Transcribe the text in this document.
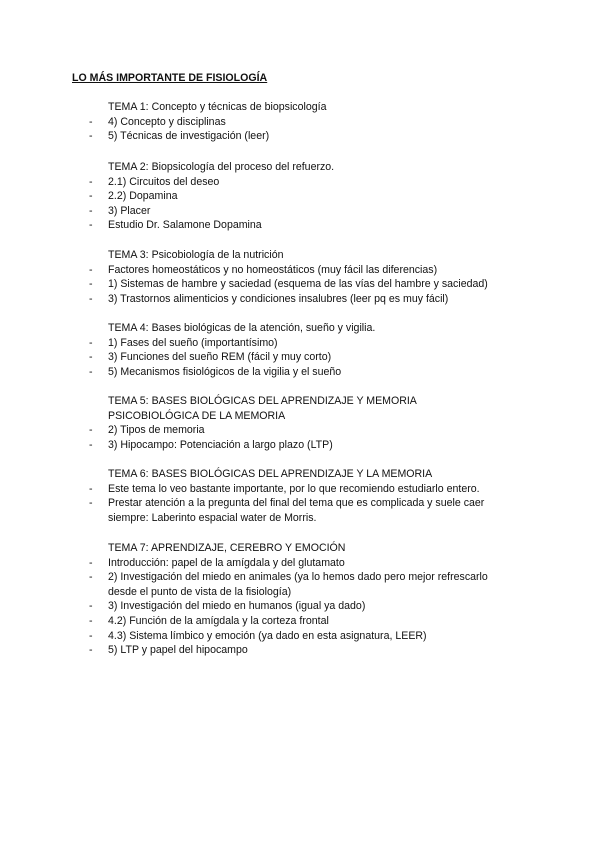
LO MÁS IMPORTANTE DE FISIOLOGÍA
TEMA 1: Concepto y técnicas de biopsicología
- 4) Concepto y disciplinas
- 5) Técnicas de investigación (leer)
TEMA 2: Biopsicología del proceso del refuerzo.
- 2.1) Circuitos del deseo
- 2.2) Dopamina
- 3) Placer
- Estudio Dr. Salamone Dopamina
TEMA 3: Psicobiología de la nutrición
- Factores homeostáticos y no homeostáticos (muy fácil las diferencias)
- 1) Sistemas de hambre y saciedad (esquema de las vías del hambre y saciedad)
- 3) Trastornos alimenticios y condiciones insalubres (leer pq es muy fácil)
TEMA 4: Bases biológicas de la atención, sueño y vigilia.
- 1) Fases del sueño (importantísimo)
- 3) Funciones del sueño REM (fácil y muy corto)
- 5) Mecanismos fisiológicos de la vigilia y el sueño
TEMA 5: BASES BIOLÓGICAS DEL APRENDIZAJE Y MEMORIA
PSICOBIOLÓGICA DE LA MEMORIA
- 2) Tipos de memoria
- 3) Hipocampo: Potenciación a largo plazo (LTP)
TEMA 6: BASES BIOLÓGICAS DEL APRENDIZAJE Y LA MEMORIA
- Este tema lo veo bastante importante, por lo que recomiendo estudiarlo entero.
- Prestar atención a la pregunta del final del tema que es complicada y suele caer siempre: Laberinto espacial water de Morris.
TEMA 7: APRENDIZAJE, CEREBRO Y EMOCIÓN
- Introducción: papel de la amígdala y del glutamato
- 2) Investigación del miedo en animales (ya lo hemos dado pero mejor refrescarlo desde el punto de vista de la fisiología)
- 3) Investigación del miedo en humanos (igual ya dado)
- 4.2) Función de la amígdala y la corteza frontal
- 4.3) Sistema límbico y emoción (ya dado en esta asignatura, LEER)
- 5) LTP y papel del hipocampo
